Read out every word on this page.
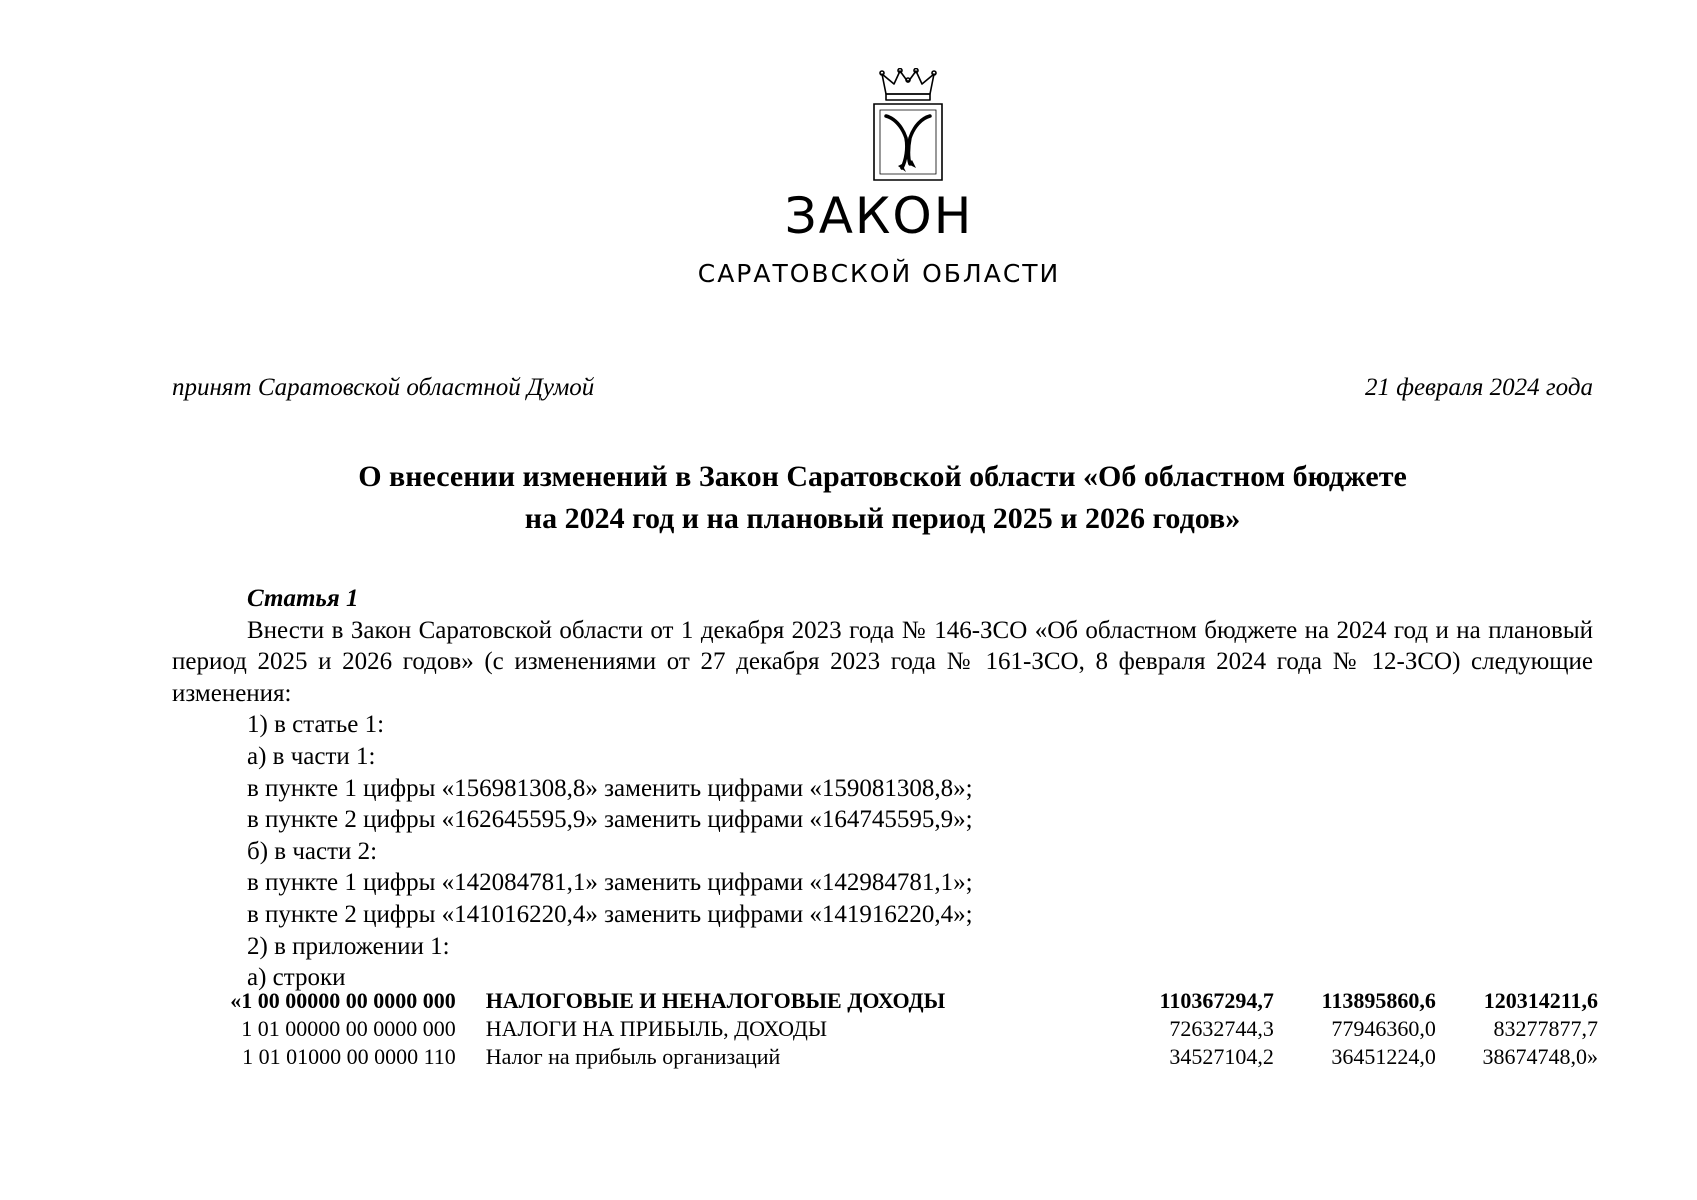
ЗАКОН
САРАТОВСКОЙ ОБЛАСТИ
принят Саратовской областной Думой	21 февраля 2024 года
О внесении изменений в Закон Саратовской области «Об областном бюджете
на 2024 год и на плановый период 2025 и 2026 годов»

Статья 1

Внести в Закон Саратовской области от 1 декабря 2023 года № 146-ЗСО «Об областном бюджете на 2024 год и на плановый период 2025 и 2026 годов» (с изменениями от 27 декабря 2023 года № 161-ЗСО, 8 февраля 2024 года № 12-ЗСО) следующие изменения:

1) в статье 1:

а) в части 1:

в пункте 1 цифры «156981308,8» заменить цифрами «159081308,8»;

в пункте 2 цифры «162645595,9» заменить цифрами «164745595,9»;

б) в части 2:

в пункте 1 цифры «142084781,1» заменить цифрами «142984781,1»;

в пункте 2 цифры «141016220,4» заменить цифрами «141916220,4»;

2) в приложении 1:

а) строки

«1 00 00000 00 0000 000	НАЛОГОВЫЕ И НЕНАЛОГОВЫЕ ДОХОДЫ	110367294,7	113895860,6	120314211,6
1 01 00000 00 0000 000	НАЛОГИ НА ПРИБЫЛЬ, ДОХОДЫ	72632744,3	77946360,0	83277877,7
1 01 01000 00 0000 110	Налог на прибыль организаций	34527104,2	36451224,0	38674748,0»
